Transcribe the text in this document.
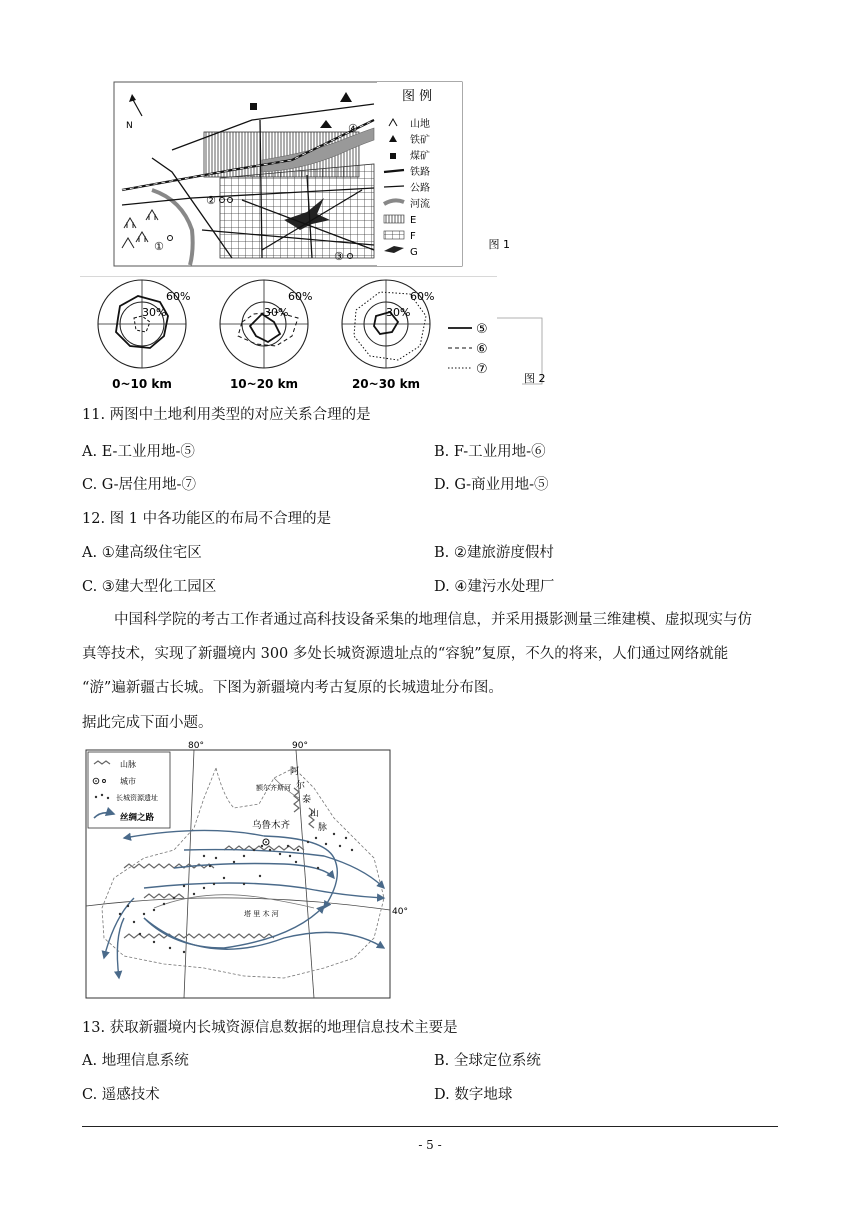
N	④
②
①
③
图 例
山地
铁矿
煤矿
铁路
公路
河流
E
F
G
图 1
60%
30%
0~10 km
60%
30%
10~20 km
60%
30%
20~30 km
⑤
⑥
⑦
图 2
11. 两图中土地利用类型的对应关系合理的是
A. E-工业用地-⑤	B. F-工业用地-⑥
C. G-居住用地-⑦	D. G-商业用地-⑤
12. 图 1 中各功能区的布局不合理的是
A. ①建高级住宅区	B. ②建旅游度假村
C. ③建大型化工园区	D. ④建污水处理厂
中国科学院的考古工作者通过高科技设备采集的地理信息，并采用摄影测量三维建模、虚拟现实与仿
真等技术，实现了新疆境内 300 多处长城资源遗址点的“容貌”复原，不久的将来，人们通过网络就能
“游”遍新疆古长城。下图为新疆境内考古复原的长城遗址分布图。
据此完成下面小题。
80°	90°
40°
塔 里 木 河
额尔齐斯河
阿
尔
泰
山
脉
乌鲁木齐
山脉
城市
长城资源遗址
丝绸之路
13. 获取新疆境内长城资源信息数据的地理信息技术主要是
A. 地理信息系统	B. 全球定位系统
C. 遥感技术	D. 数字地球
- 5 -
